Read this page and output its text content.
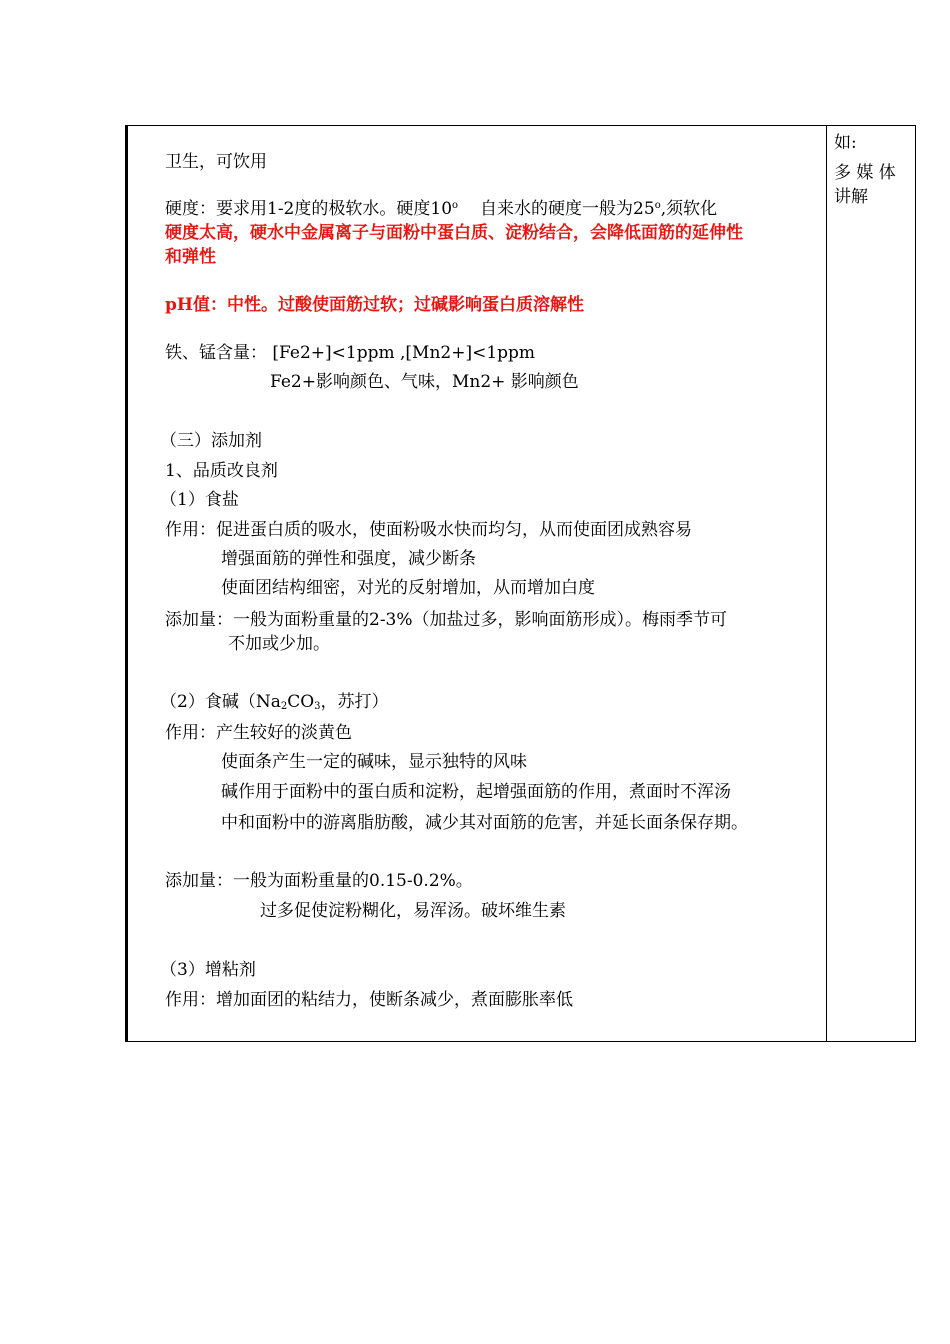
卫生，可饮用
硬度：要求用1-2度的极软水。硬度10$^o$ 自来水的硬度一般为25$^o$,须软化
硬度太高，硬水中金属离子与面粉中蛋白质、淀粉结合，会降低面筋的延伸性
和弹性
pH值：中性。过酸使面筋过软；过碱影响蛋白质溶解性
铁、锰含量： [Fe2+]<1ppm ,[Mn2+]<1ppm
Fe2+影响颜色、气味，Mn2+ 影响颜色
（三）添加剂
1、品质改良剂
（1）食盐
作用：促进蛋白质的吸水，使面粉吸水快而均匀，从而使面团成熟容易
增强面筋的弹性和强度，减少断条
使面团结构细密，对光的反射增加，从而增加白度
添加量：一般为面粉重量的2-3%（加盐过多，影响面筋形成）。梅雨季节可
不加或少加。
（2）食碱（$Na_2CO_3$，苏打）
作用：产生较好的淡黄色
使面条产生一定的碱味，显示独特的风味
碱作用于面粉中的蛋白质和淀粉，起增强面筋的作用，煮面时不浑汤
中和面粉中的游离脂肪酸，减少其对面筋的危害，并延长面条保存期。
添加量：一般为面粉重量的0.15-0.2%。
过多促使淀粉糊化，易浑汤。破坏维生素
（3）增粘剂
作用：增加面团的粘结力，使断条减少，煮面膨胀率低
如:
多 媒 体
讲解
